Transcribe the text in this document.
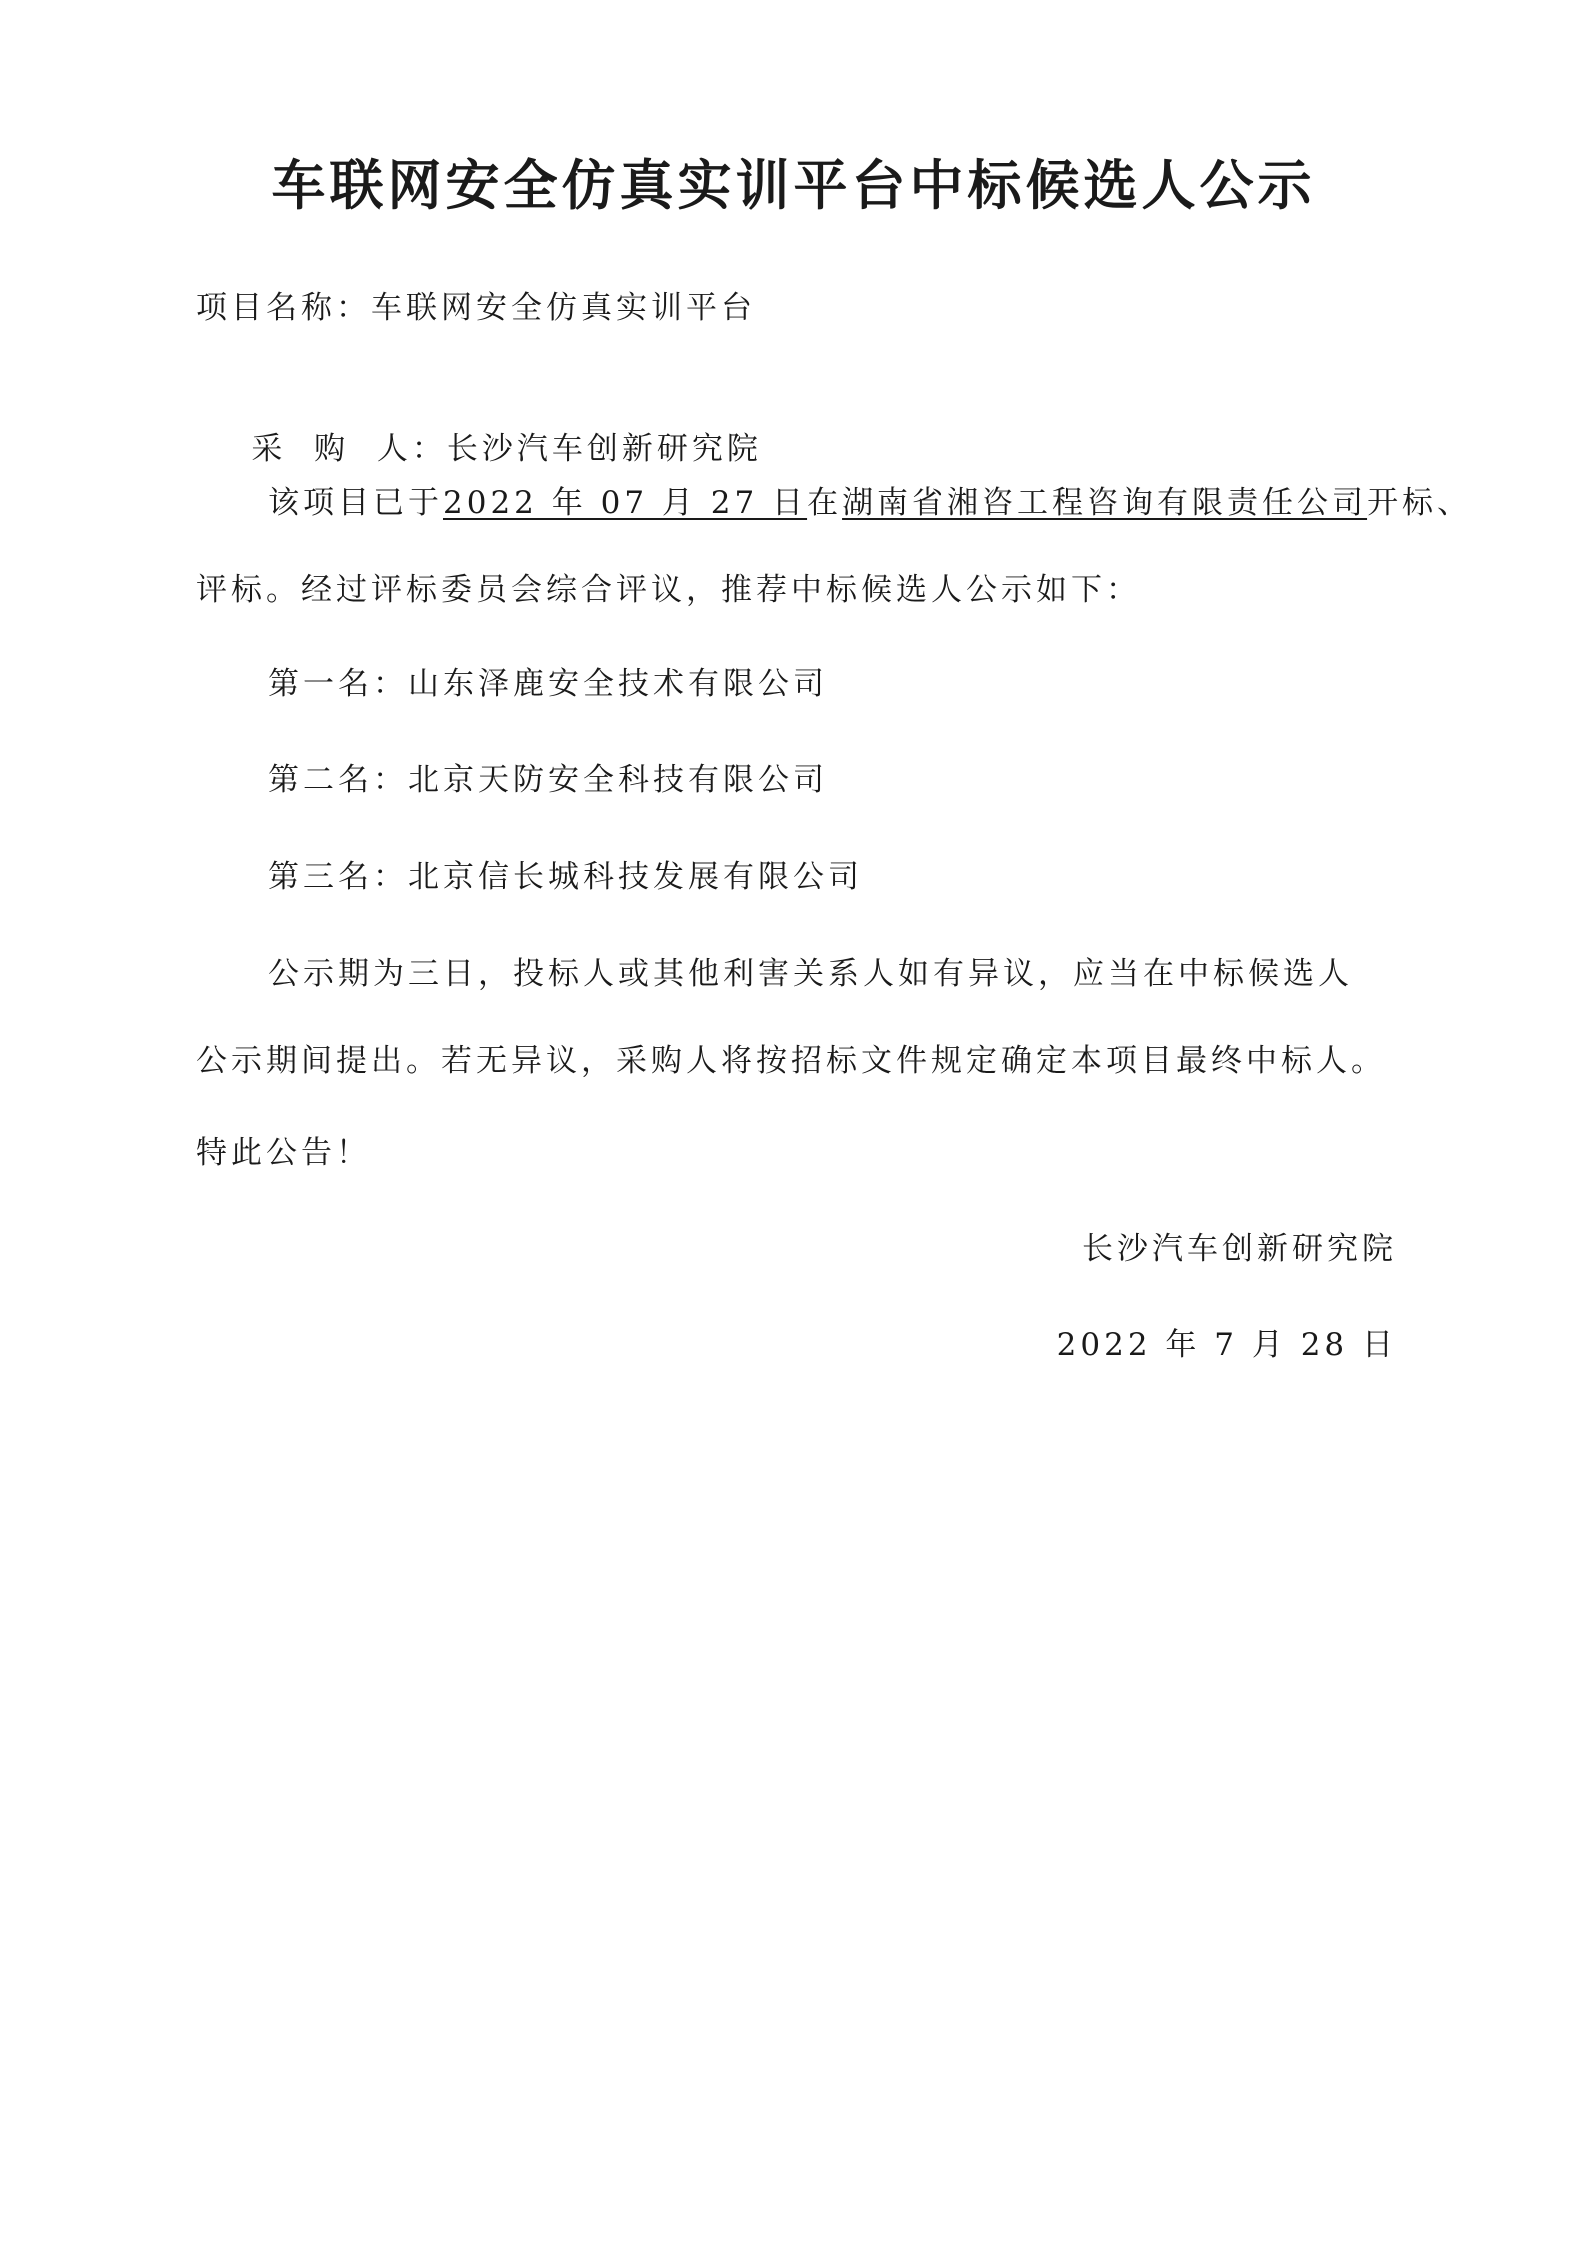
车联网安全仿真实训平台中标候选人公示
项目名称：车联网安全仿真实训平台

采  购  人：长沙汽车创新研究院

该项目已于2022 年 07 月 27 日在湖南省湘咨工程咨询有限责任公司开标、
评标。经过评标委员会综合评议，推荐中标候选人公示如下：
第一名：山东泽鹿安全技术有限公司
第二名：北京天防安全科技有限公司
第三名：北京信长城科技发展有限公司
公示期为三日，投标人或其他利害关系人如有异议，应当在中标候选人
公示期间提出。若无异议，采购人将按招标文件规定确定本项目最终中标人。
特此公告！
长沙汽车创新研究院
2022 年 7 月 28 日
